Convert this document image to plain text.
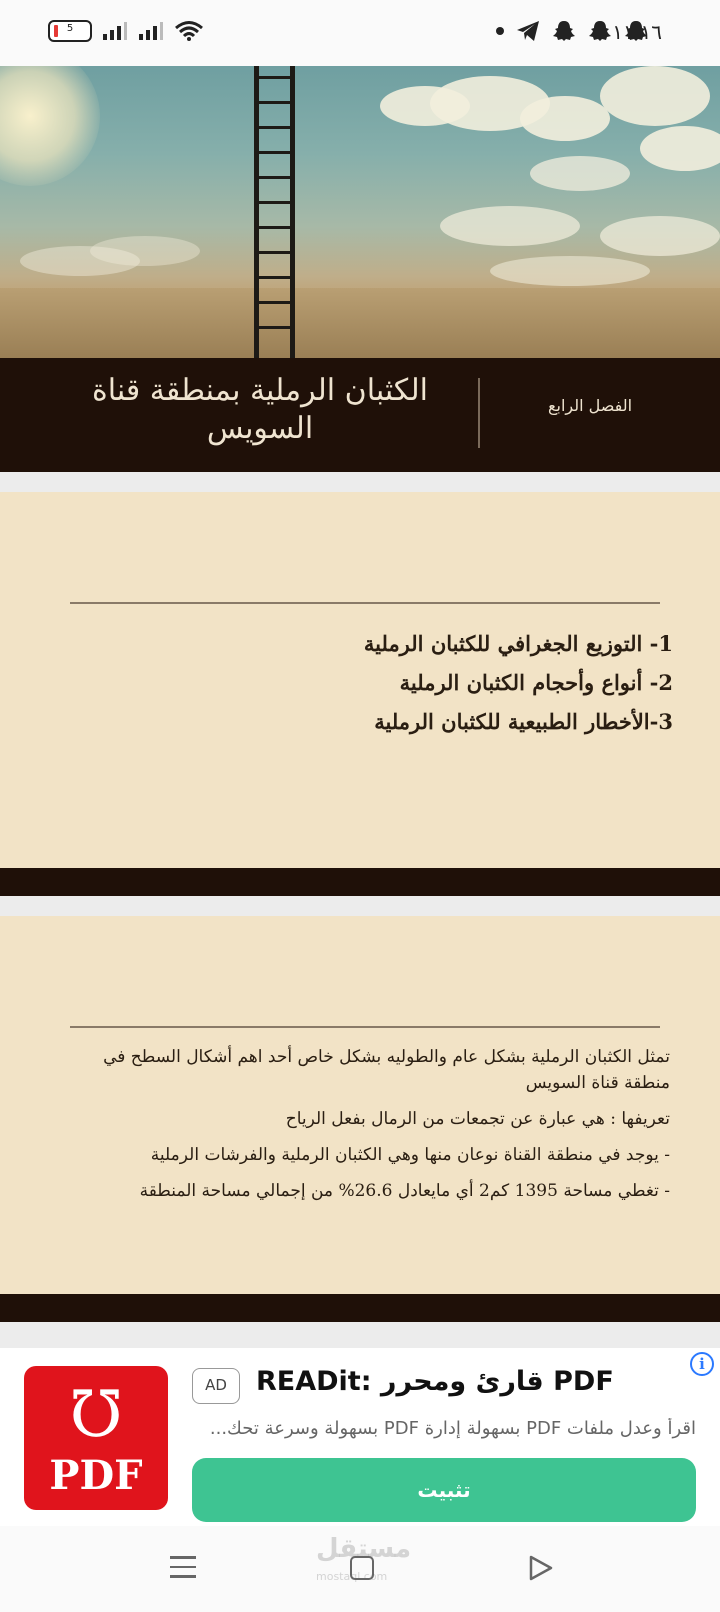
5	١١:١٦
الكثبان الرملية بمنطقة قناة السويس
الفصل الرابع
1- التوزيع الجغرافي للكثبان الرملية
2- أنواع وأحجام الكثبان الرملية
3-الأخطار الطبيعية للكثبان الرملية

تمثل الكثبان الرملية بشكل عام والطوليه بشكل خاص أحد اهم أشكال السطح في منطقة قناة السويس

تعريفها : هي عبارة عن تجمعات من الرمال بفعل الرياح

- يوجد في منطقة القناة نوعان منها وهي الكثبان الرملية والفرشات الرملية

- تغطي مساحة 1395 كم2 أي مايعادل 26.6% من إجمالي مساحة المنطقة

i
℧
PDF
AD	READit: قارئ ومحرر PDF
اقرأ وعدل ملفات PDF بسهولة إدارة PDF بسهولة وسرعة تحك...
تثبيت
مستقل
mostaql.com
